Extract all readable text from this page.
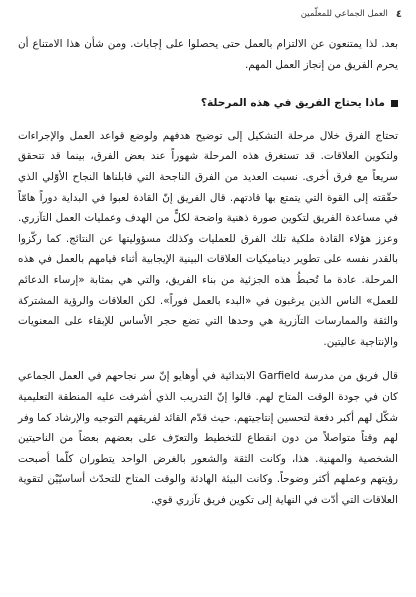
٤
العمل الجماعي للمعلّمين

بعد. لذا يمتنعون عن الالتزام بالعمل حتى يحصلوا على إجابات. ومن شأن هذا الامتناع أن يحرم الفريق من إنجاز العمل المهم.

ماذا يحتاج الفريق في هذه المرحلة؟

تحتاج الفرق خلال مرحلة التشكيل إلى توضيح هدفهم ولوضع قواعد العمل والإجراءات ولتكوين العلاقات. قد تستغرق هذه المرحلة شهوراً عند بعض الفرق، بينما قد تتحقق سريعاً مع فرق أخرى. نسبت العديد من الفرق الناجحة التي قابلناها النجاح الأوّلي الذي حقّقته إلى القوة التي يتمتع بها قادتهم. قال الفريق إنّ القادة لعبوا في البداية دوراً هامّاً في مساعدة الفريق لتكوين صورة ذهنية واضحة لكلٍّ من الهدف وعمليات العمل التآزري. وعزز هؤلاء القادة ملكية تلك الفرق للعمليات وكذلك مسؤوليتها عن النتائج. كما ركّزوا بالقدر نفسه على تطوير ديناميكيات العلاقات البينية الإيجابية أثناء قيامهم بالعمل في هذه المرحلة. عادة ما تُحبطُ هذه الجزئية من بناء الفريق، والتي هي بمثابة «إرساء الدعائم للعمل» الناس الذين يرغبون في «البدء بالعمل فوراً». لكن العلاقات والرؤية المشتركة والثقة والممارسات التآزرية هي وحدها التي تضع حجر الأساس للإبقاء على المعنويات والإنتاجية عاليتين.

قال فريق من مدرسة Garfield الابتدائية في أوهايو إنّ سر نجاحهم في العمل الجماعي كان في جودة الوقت المتاح لهم. قالوا إنّ التدريب الذي أشرفت عليه المنطقة التعليمية شكّل لهم أكبر دفعة لتحسين إنتاجيتهم. حيث قدّم القائد لفريقهم التوجيه والإرشاد كما وفر لهم وقتاً متواصلاً من دون انقطاع للتخطيط والتعرّف على بعضهم بعضاً من الناحيتين الشخصية والمهنية. هذا، وكانت الثقة والشعور بالغرض الواحد يتطوران كلّما أصبحت رؤيتهم وعملهم أكثر وضوحاً. وكانت البيئة الهادئة والوقت المتاح للتحدّث أساسيّيْن لتقوية العلاقات التي أدّت في النهاية إلى تكوين فريق تآزري قوي.
